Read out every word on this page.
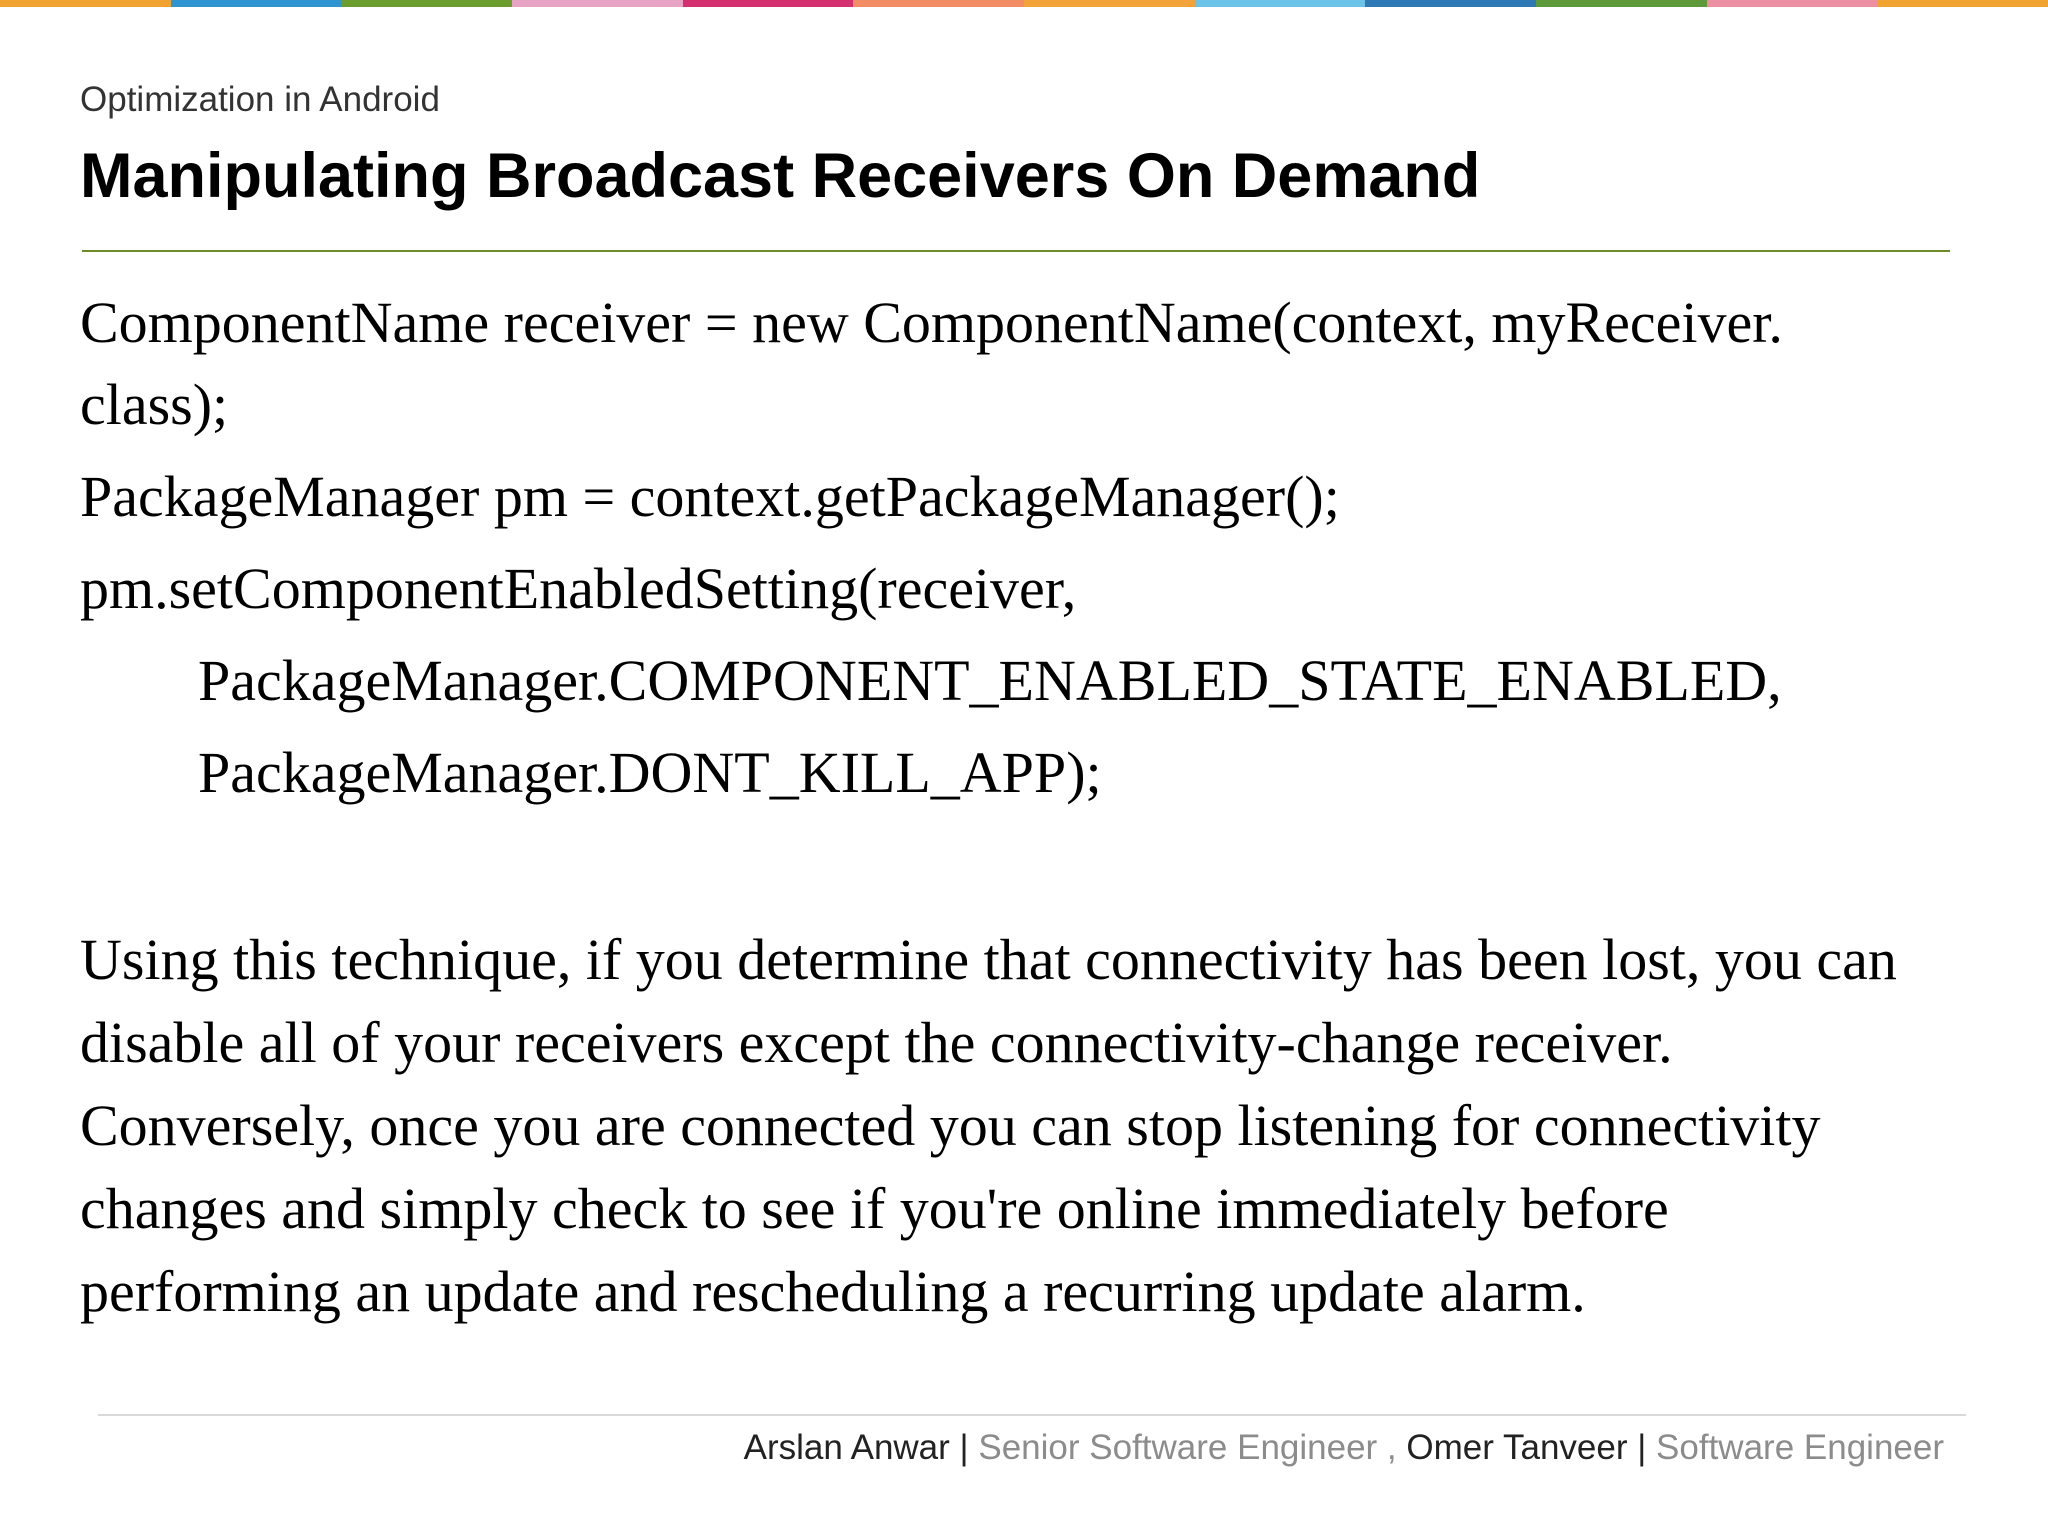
Optimization in Android
Manipulating Broadcast Receivers On Demand
ComponentName receiver = new ComponentName(context, myReceiver.
class);
PackageManager pm = context.getPackageManager();
pm.setComponentEnabledSetting(receiver,
PackageManager.COMPONENT_ENABLED_STATE_ENABLED,
PackageManager.DONT_KILL_APP);
Using this technique, if you determine that connectivity has been lost, you can
disable all of your receivers except the connectivity-change receiver.
Conversely, once you are connected you can stop listening for connectivity
changes and simply check to see if you're online immediately before
performing an update and rescheduling a recurring update alarm.
Arslan Anwar | Senior Software Engineer , Omer Tanveer | Software Engineer
